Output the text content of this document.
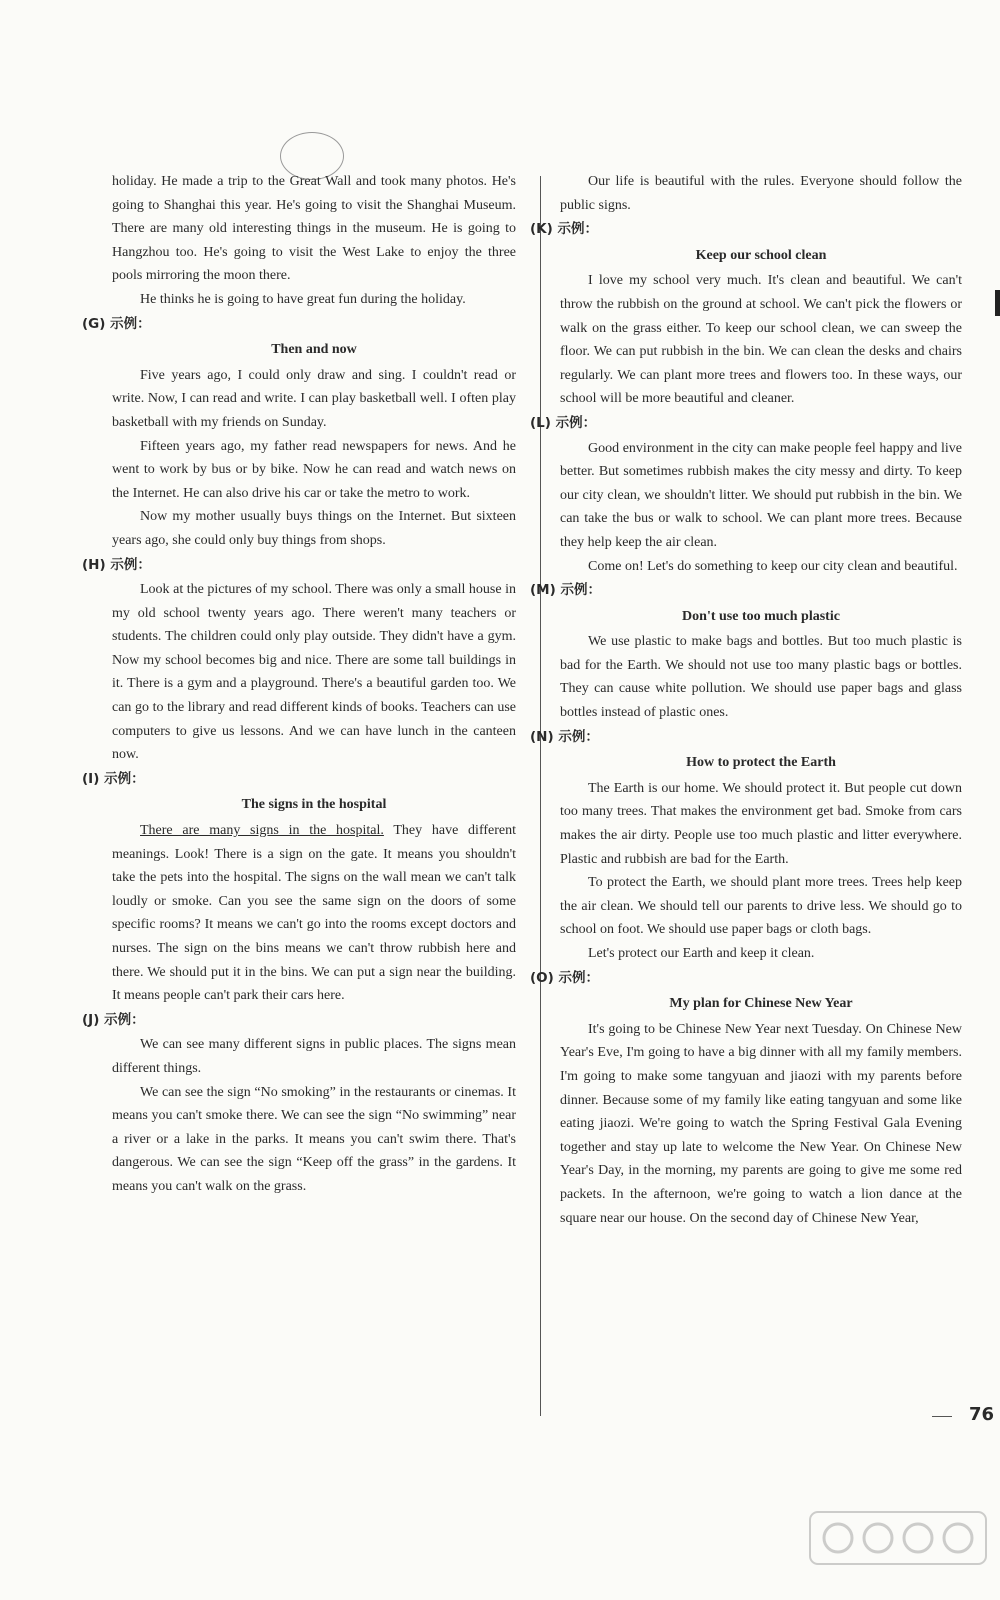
holiday. He made a trip to the Great Wall and took many photos. He's going to Shanghai this year. He's going to visit the Shanghai Museum. There are many old interesting things in the museum. He is going to Hangzhou too. He's going to visit the West Lake to enjoy the three pools mirroring the moon there.

He thinks he is going to have great fun during the holiday.

(G) 示例：
Then and now

Five years ago, I could only draw and sing. I couldn't read or write. Now, I can read and write. I can play basketball well. I often play basketball with my friends on Sunday.

Fifteen years ago, my father read newspapers for news. And he went to work by bus or by bike. Now he can read and watch news on the Internet. He can also drive his car or take the metro to work.

Now my mother usually buys things on the Internet. But sixteen years ago, she could only buy things from shops.

(H) 示例：

Look at the pictures of my school. There was only a small house in my old school twenty years ago. There weren't many teachers or students. The children could only play outside. They didn't have a gym. Now my school becomes big and nice. There are some tall buildings in it. There is a gym and a playground. There's a beautiful garden too. We can go to the library and read different kinds of books. Teachers can use computers to give us lessons. And we can have lunch in the canteen now.

(I) 示例：
The signs in the hospital

There are many signs in the hospital. They have different meanings. Look! There is a sign on the gate. It means you shouldn't take the pets into the hospital. The signs on the wall mean we can't talk loudly or smoke. Can you see the same sign on the doors of some specific rooms? It means we can't go into the rooms except doctors and nurses. The sign on the bins means we can't throw rubbish here and there. We should put it in the bins. We can put a sign near the building. It means people can't park their cars here.

(J) 示例：

We can see many different signs in public places. The signs mean different things.

We can see the sign “No smoking” in the restaurants or cinemas. It means you can't smoke there. We can see the sign “No swimming” near a river or a lake in the parks. It means you can't swim there. That's dangerous. We can see the sign “Keep off the grass” in the gardens. It means you can't walk on the grass.

Our life is beautiful with the rules. Everyone should follow the public signs.

(K) 示例：
Keep our school clean

I love my school very much. It's clean and beautiful. We can't throw the rubbish on the ground at school. We can't pick the flowers or walk on the grass either. To keep our school clean, we can sweep the floor. We can put rubbish in the bin. We can clean the desks and chairs regularly. We can plant more trees and flowers too. In these ways, our school will be more beautiful and cleaner.

(L) 示例：

Good environment in the city can make people feel happy and live better. But sometimes rubbish makes the city messy and dirty. To keep our city clean, we shouldn't litter. We should put rubbish in the bin. We can take the bus or walk to school. We can plant more trees. Because they help keep the air clean.

Come on! Let's do something to keep our city clean and beautiful.

(M) 示例：
Don't use too much plastic

We use plastic to make bags and bottles. But too much plastic is bad for the Earth. We should not use too many plastic bags or bottles. They can cause white pollution. We should use paper bags and glass bottles instead of plastic ones.

(N) 示例：
How to protect the Earth

The Earth is our home. We should protect it. But people cut down too many trees. That makes the environment get bad. Smoke from cars makes the air dirty. People use too much plastic and litter everywhere. Plastic and rubbish are bad for the Earth.

To protect the Earth, we should plant more trees. Trees help keep the air clean. We should tell our parents to drive less. We should go to school on foot. We should use paper bags or cloth bags.

Let's protect our Earth and keep it clean.

(O) 示例：
My plan for Chinese New Year

It's going to be Chinese New Year next Tuesday. On Chinese New Year's Eve, I'm going to have a big dinner with all my family members. I'm going to make some tangyuan and jiaozi with my parents before dinner. Because some of my family like eating tangyuan and some like eating jiaozi. We're going to watch the Spring Festival Gala Evening together and stay up late to welcome the New Year. On Chinese New Year's Day, in the morning, my parents are going to give me some red packets. In the afternoon, we're going to watch a lion dance at the square near our house. On the second day of Chinese New Year,

76
